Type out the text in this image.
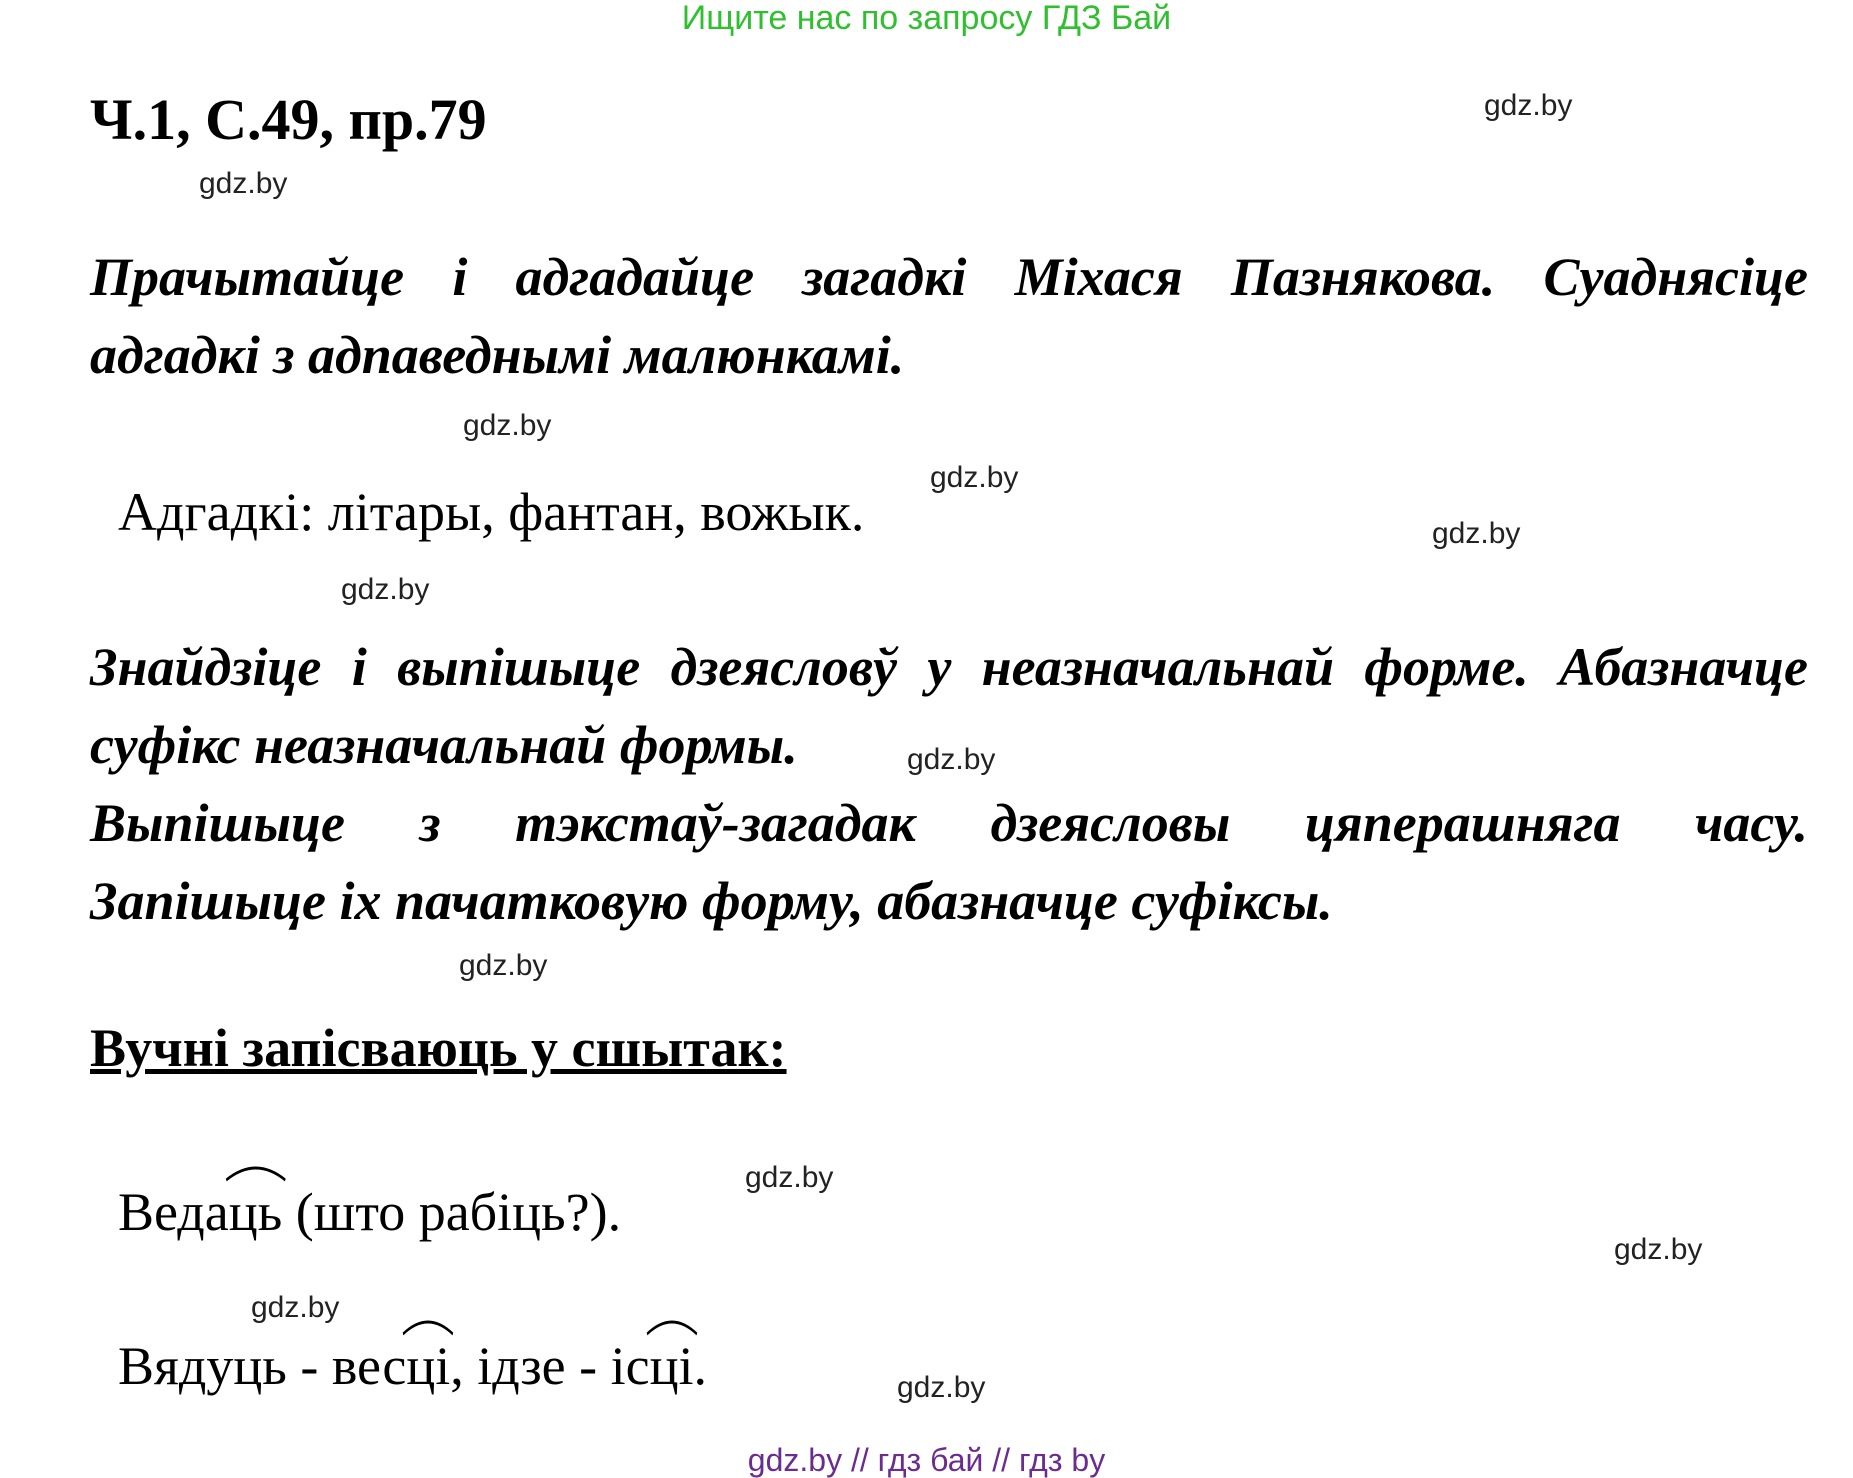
Ищите нас по запросу ГДЗ Бай
Ч.1, С.49, пр.79	gdz.by
gdz.by
Прачытайце і адгадайце загадкі Міхася Пазнякова. Суаднясіце
адгадкі з адпаведнымі малюнкамі.
gdz.by
gdz.by
Адгадкі: літары, фантан, вожык.	gdz.by
gdz.by
Знайдзіце і выпішыце дзеясловў у неазначальнай форме. Абазначце
суфікс неазначальнай формы.	gdz.by
Выпішыце з тэкстаў-загадак дзеясловы цяперашняга часу.
Запішыце іх пачатковую форму, абазначце суфіксы.
gdz.by
Вучні запісваюць у сшытак:
gdz.by
Веда
ць (што рабіць?).
gdz.by
gdz.by
Вядуць - вес
ці, ідзе - іс
ці.	gdz.by
gdz.by // гдз бай // гдз by
